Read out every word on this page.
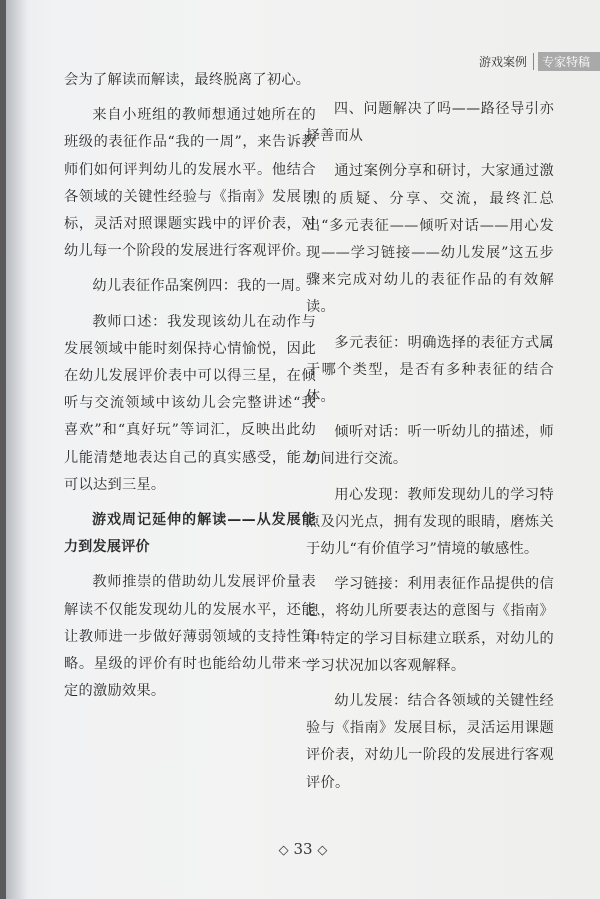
游戏案例	专家特稿

会为了解读而解读，最终脱离了初心。

来自小班组的教师想通过她所在的班级的表征作品“我的一周”，来告诉教师们如何评判幼儿的发展水平。他结合各领域的关键性经验与《指南》发展目标，灵活对照课题实践中的评价表，对幼儿每一个阶段的发展进行客观评价。

幼儿表征作品案例四：我的一周。

教师口述：我发现该幼儿在动作与发展领域中能时刻保持心情愉悦，因此在幼儿发展评价表中可以得三星，在倾听与交流领域中该幼儿会完整讲述“我喜欢”和“真好玩”等词汇，反映出此幼儿能清楚地表达自己的真实感受，能力可以达到三星。

游戏周记延伸的解读——从发展能力到发展评价

教师推崇的借助幼儿发展评价量表解读不仅能发现幼儿的发展水平，还能让教师进一步做好薄弱领域的支持性策略。星级的评价有时也能给幼儿带来一定的激励效果。

四、问题解决了吗——路径导引亦择善而从

通过案例分享和研讨，大家通过激烈的质疑、分享、交流，最终汇总出“多元表征——倾听对话——用心发现——学习链接——幼儿发展”这五步骤来完成对幼儿的表征作品的有效解读。

多元表征：明确选择的表征方式属于哪个类型，是否有多种表征的结合体。

倾听对话：听一听幼儿的描述，师幼间进行交流。

用心发现：教师发现幼儿的学习特点及闪光点，拥有发现的眼睛，磨炼关于幼儿“有价值学习”情境的敏感性。

学习链接：利用表征作品提供的信息，将幼儿所要表达的意图与《指南》中特定的学习目标建立联系，对幼儿的学习状况加以客观解释。

幼儿发展：结合各领域的关键性经验与《指南》发展目标，灵活运用课题评价表，对幼儿一阶段的发展进行客观评价。

◇ 33 ◇
